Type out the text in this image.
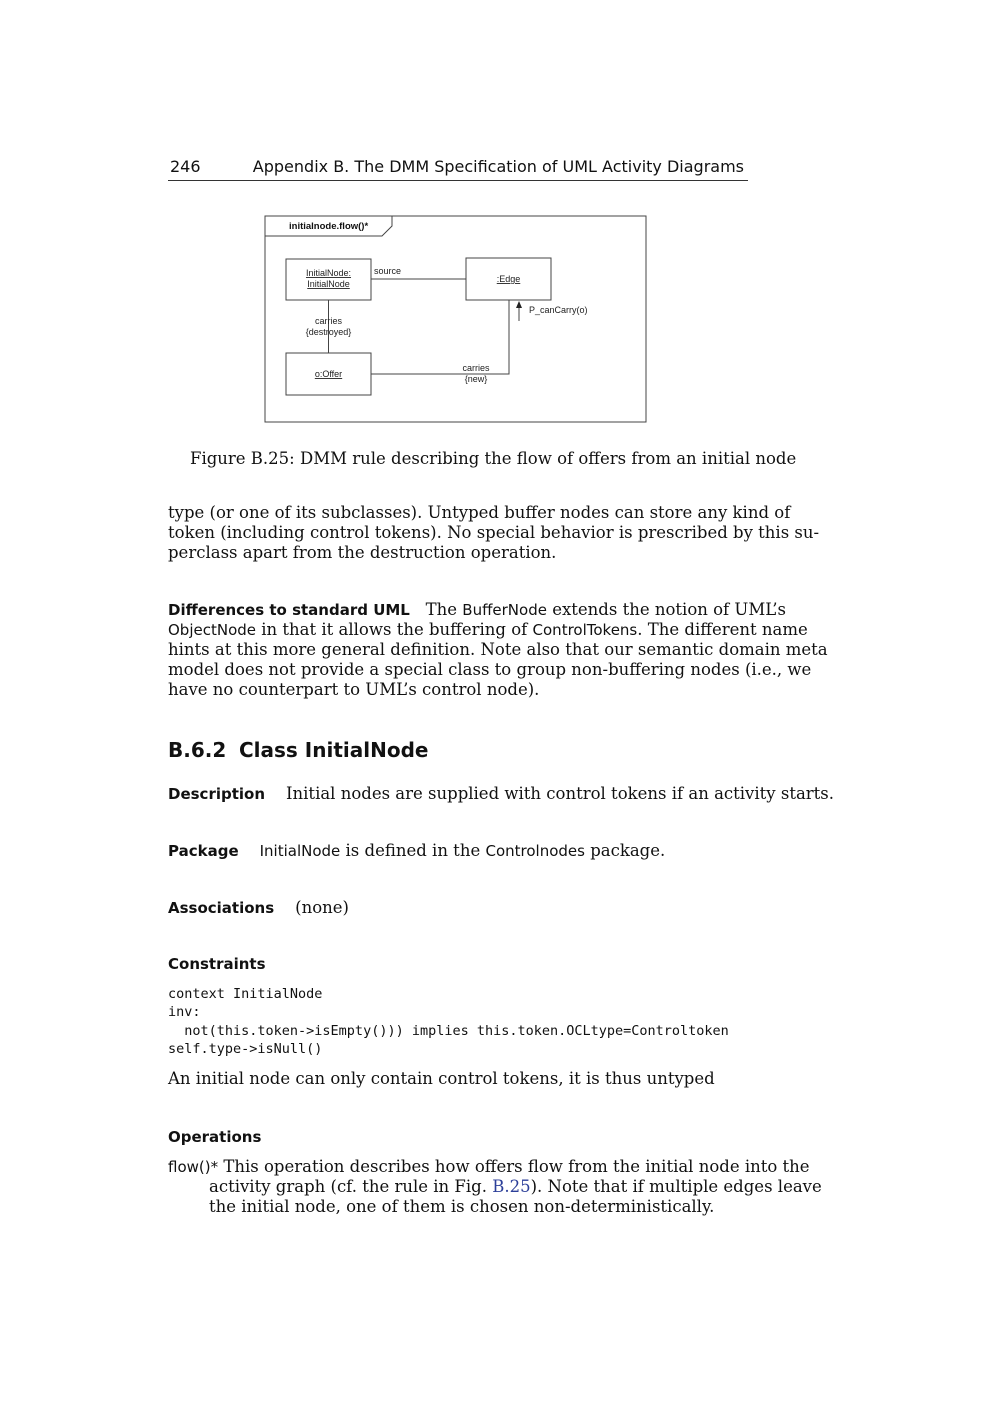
246	Appendix B. The DMM Specification of UML Activity Diagrams
initialnode.flow()*
InitialNode:
InitialNode	:Edge
o:Offer
source
carries
{destroyed}
carries
{new}
P_canCarry(o)
Figure B.25: DMM rule describing the flow of offers from an initial node
type (or one of its subclasses). Untyped buffer nodes can store any kind of
token (including control tokens). No special behavior is prescribed by this su-
perclass apart from the destruction operation.
Differences to standard UML The BufferNode extends the notion of UML’s
ObjectNode in that it allows the buffering of ControlTokens. The different name
hints at this more general definition. Note also that our semantic domain meta
model does not provide a special class to group non-buffering nodes (i.e., we
have no counterpart to UML’s control node).
B.6.2 Class InitialNode
Description Initial nodes are supplied with control tokens if an activity starts.
Package InitialNode is defined in the Controlnodes package.
Associations (none)
Constraints
context InitialNode
inv:
not(this.token->isEmpty())) implies this.token.OCLtype=Controltoken
self.type->isNull()
An initial node can only contain control tokens, it is thus untyped
Operations
flow()* This operation describes how offers flow from the initial node into the
activity graph (cf. the rule in Fig. B.25). Note that if multiple edges leave
the initial node, one of them is chosen non-deterministically.
